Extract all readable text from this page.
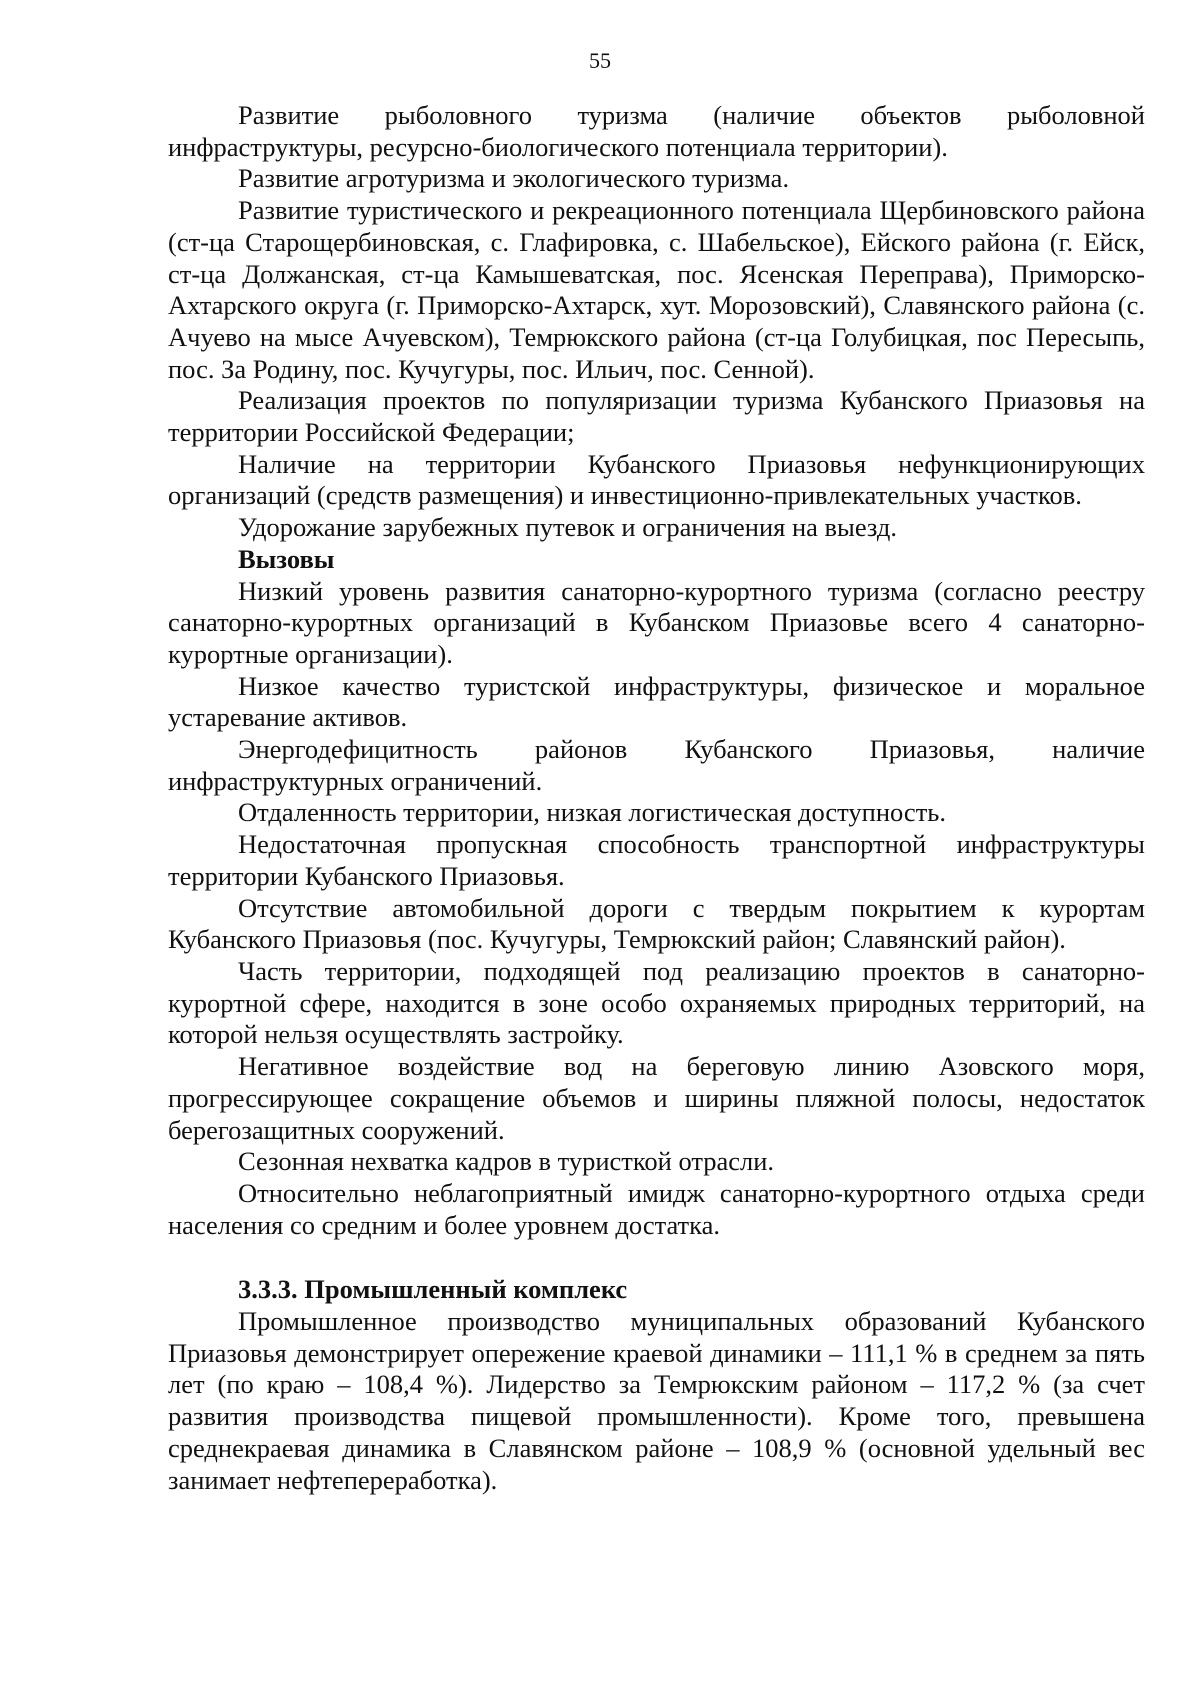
55

Развитие рыболовного туризма (наличие объектов рыболовной инфраструктуры, ресурсно-биологического потенциала территории).

Развитие агротуризма и экологического туризма.

Развитие туристического и рекреационного потенциала Щербиновского района (ст-ца Старощербиновская, с. Глафировка, с. Шабельское), Ейского района (г. Ейск, ст-ца Должанская, ст-ца Камышеватская, пос. Ясенская Переправа), Приморско-Ахтарского округа (г. Приморско-Ахтарск, хут. Морозовский), Славянского района (с. Ачуево на мысе Ачуевском), Темрюкского района (ст-ца Голубицкая, пос Пересыпь, пос. За Родину, пос. Кучугуры, пос. Ильич, пос. Сенной).

Реализация проектов по популяризации туризма Кубанского Приазовья на территории Российской Федерации;

Наличие на территории Кубанского Приазовья нефункционирующих организаций (средств размещения) и инвестиционно-привлекательных участков.

Удорожание зарубежных путевок и ограничения на выезд.

Вызовы

Низкий уровень развития санаторно-курортного туризма (согласно реестру санаторно-курортных организаций в Кубанском Приазовье всего 4 санаторно-курортные организации).

Низкое качество туристской инфраструктуры, физическое и моральное устаревание активов.

Энергодефицитность районов Кубанского Приазовья, наличие инфраструктурных ограничений.

Отдаленность территории, низкая логистическая доступность.

Недостаточная пропускная способность транспортной инфраструктуры территории Кубанского Приазовья.

Отсутствие автомобильной дороги с твердым покрытием к курортам Кубанского Приазовья (пос. Кучугуры, Темрюкский район; Славянский район).

Часть территории, подходящей под реализацию проектов в санаторно-курортной сфере, находится в зоне особо охраняемых природных территорий, на которой нельзя осуществлять застройку.

Негативное воздействие вод на береговую линию Азовского моря, прогрессирующее сокращение объемов и ширины пляжной полосы, недостаток берегозащитных сооружений.

Сезонная нехватка кадров в туристкой отрасли.

Относительно неблагоприятный имидж санаторно-курортного отдыха среди населения со средним и более уровнем достатка.

3.3.3. Промышленный комплекс

Промышленное производство муниципальных образований Кубанского Приазовья демонстрирует опережение краевой динамики – 111,1 % в среднем за пять лет (по краю – 108,4 %). Лидерство за Темрюкским районом – 117,2 % (за счет развития производства пищевой промышленности). Кроме того, превышена среднекраевая динамика в Славянском районе – 108,9 % (основной удельный вес занимает нефтепереработка).
